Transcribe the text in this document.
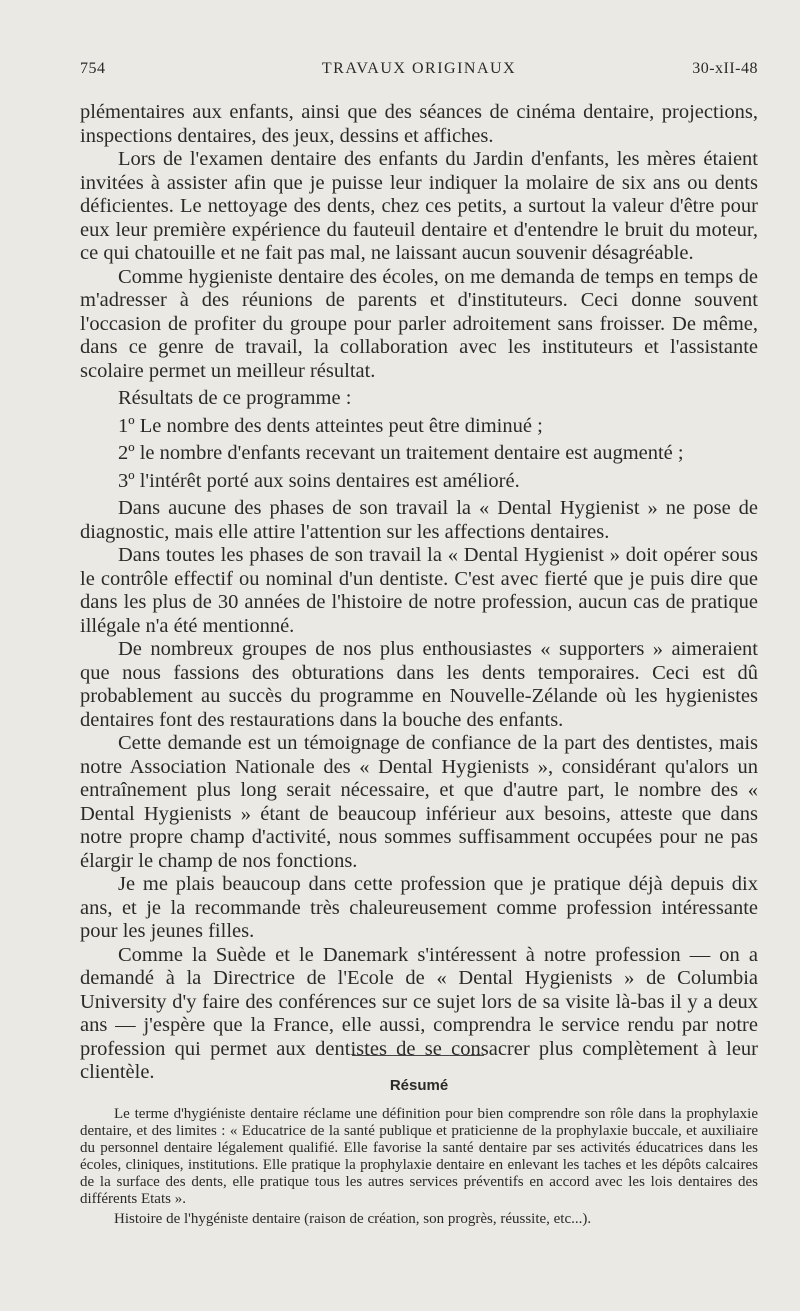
754	TRAVAUX ORIGINAUX	30-xII-48

plémentaires aux enfants, ainsi que des séances de cinéma dentaire, projections, inspections dentaires, des jeux, dessins et affiches.

Lors de l'examen dentaire des enfants du Jardin d'enfants, les mères étaient invitées à assister afin que je puisse leur indiquer la molaire de six ans ou dents déficientes. Le nettoyage des dents, chez ces petits, a surtout la valeur d'être pour eux leur première expérience du fauteuil dentaire et d'entendre le bruit du moteur, ce qui chatouille et ne fait pas mal, ne laissant aucun souvenir désagréable.

Comme hygieniste dentaire des écoles, on me demanda de temps en temps de m'adresser à des réunions de parents et d'instituteurs. Ceci donne souvent l'occasion de profiter du groupe pour parler adroitement sans froisser. De même, dans ce genre de travail, la collaboration avec les instituteurs et l'assistante scolaire permet un meilleur résultat.

Résultats de ce programme :

1º Le nombre des dents atteintes peut être diminué ;

2º le nombre d'enfants recevant un traitement dentaire est augmenté ;

3º l'intérêt porté aux soins dentaires est amélioré.

Dans aucune des phases de son travail la « Dental Hygienist » ne pose de diagnostic, mais elle attire l'attention sur les affections dentaires.

Dans toutes les phases de son travail la « Dental Hygienist » doit opérer sous le contrôle effectif ou nominal d'un dentiste. C'est avec fierté que je puis dire que dans les plus de 30 années de l'histoire de notre profession, aucun cas de pratique illégale n'a été mentionné.

De nombreux groupes de nos plus enthousiastes « supporters » aimeraient que nous fassions des obturations dans les dents temporaires. Ceci est dû probablement au succès du programme en Nouvelle-Zélande où les hygienistes dentaires font des restaurations dans la bouche des enfants.

Cette demande est un témoignage de confiance de la part des dentistes, mais notre Association Nationale des « Dental Hygienists », considérant qu'alors un entraînement plus long serait nécessaire, et que d'autre part, le nombre des « Dental Hygienists » étant de beaucoup inférieur aux besoins, atteste que dans notre propre champ d'activité, nous sommes suffisamment occupées pour ne pas élargir le champ de nos fonctions.

Je me plais beaucoup dans cette profession que je pratique déjà depuis dix ans, et je la recommande très chaleureusement comme profession intéressante pour les jeunes filles.

Comme la Suède et le Danemark s'intéressent à notre profession — on a demandé à la Directrice de l'Ecole de « Dental Hygienists » de Columbia University d'y faire des conférences sur ce sujet lors de sa visite là-bas il y a deux ans — j'espère que la France, elle aussi, comprendra le service rendu par notre profession qui permet aux dentistes de se consacrer plus complètement à leur clientèle.

Résumé

Le terme d'hygiéniste dentaire réclame une définition pour bien comprendre son rôle dans la prophylaxie dentaire, et des limites : « Educatrice de la santé publique et praticienne de la prophylaxie buccale, et auxiliaire du personnel dentaire légalement qualifié. Elle favorise la santé dentaire par ses activités éducatrices dans les écoles, cliniques, institutions. Elle pratique la prophylaxie dentaire en enlevant les taches et les dépôts calcaires de la surface des dents, elle pratique tous les autres services préventifs en accord avec les lois dentaires des différents Etats ».

Histoire de l'hygéniste dentaire (raison de création, son progrès, réussite, etc...).
